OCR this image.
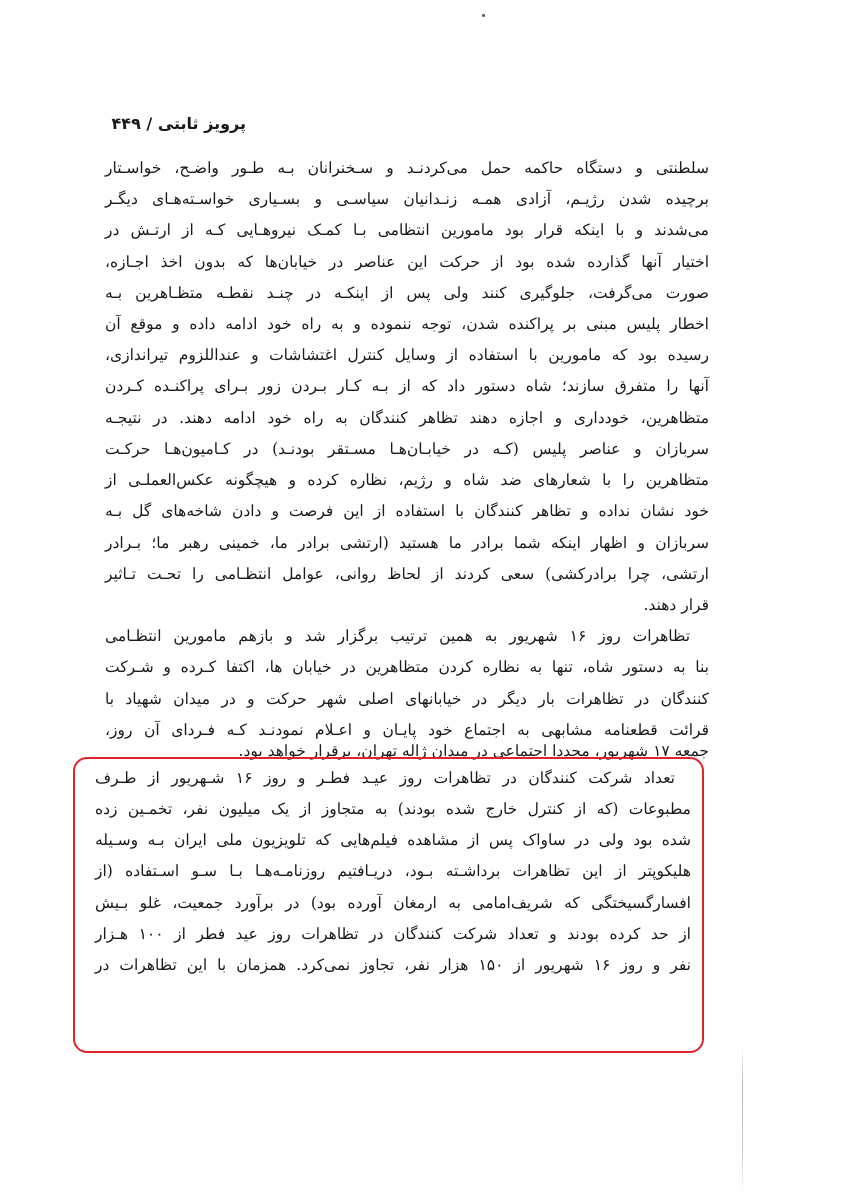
پرویز ثابتی / ۴۴۹
سلطنتی و دستگاه حاکمه حمل می‌کردنـد و سـخنرانان بـه طـور واضـح، خواسـتار
برچیده شدن رژیـم، آزادی همـه زنـدانیان سیاسـی و بسـیاری خواسـته‌هـای دیگـر
می‌شدند و با اینکه قرار بود مامورین انتظامی بـا کمـک نیروهـایی کـه از ارتـش در
اختیار آنها گذارده شده بود از حرکت این عناصر در خیابان‌ها که بدون اخذ اجـازه،
صورت می‌گرفت، جلوگیری کنند ولی پس از اینکـه در چنـد نقطـه متظـاهرین بـه
اخطار پلیس مبنی بر پراکنده شدن، توجه ننموده و به راه خود ادامه داده و موقع آن
رسیده بود که مامورین با استفاده از وسایل کنترل اغتشاشات و عنداللزوم تیراندازی،
آنها را متفرق سازند؛ شاه دستور داد که از بـه کـار بـردن زور بـرای پراکنـده کـردن
متظاهرین، خودداری و اجازه دهند تظاهر کنندگان به راه خود ادامه دهند. در نتیجـه
سربازان و عناصر پلیس (کـه در خیابـان‌هـا مسـتقر بودنـد) در کـامیون‌هـا حرکـت
متظاهرین را با شعارهای ضد شاه و رژیم، نظاره کرده و هیچگونه عکس‌العملـی از
خود نشان نداده و تظاهر کنندگان با استفاده از این فرصت و دادن شاخه‌های گل بـه
سربازان و اظهار اینکه شما برادر ما هستید (ارتشی برادر ما، خمینی رهبر ما؛ بـرادر
ارتشی، چرا برادرکشی) سعی کردند از لحاظ روانی، عوامل انتظـامی را تحـت تـاثیر
قرار دهند.
تظاهرات روز ۱۶ شهریور به همین ترتیب برگزار شد و بازهم مامورین انتظـامی
بنا به دستور شاه، تنها به نظاره کردن متظاهرین در خیابان ها، اکتفا کـرده و شـرکت
کنندگان در تظاهرات بار دیگر در خیابانهای اصلی شهر حرکت و در میدان شهیاد با
قرائت قطعنامه مشابهی به اجتماع خود پایـان و اعـلام نمودنـد کـه فـردای آن روز،
جمعه ۱۷ شهریور، مجددا اجتماعی در میدان ژاله تهران، برقرار خواهد بود.
تعداد شرکت کنندگان در تظاهرات روز عیـد فطـر و روز ۱۶ شـهریور از طـرف
مطبوعات (که از کنترل خارج شده بودند) به متجاوز از یک میلیون نفر، تخمـین زده
شده بود ولی در ساواک پس از مشاهده فیلم‌هایی که تلویزیون ملی ایران بـه وسـیله
هلیکوپتر از این تظاهرات برداشـته بـود، دریـافتیم روزنامـه‌هـا بـا سـو اسـتفاده (از
افسارگسیختگی که شریف‌امامی به ارمغان آورده بود) در برآورد جمعیت، غلو بـیش
از حد کرده بودند و تعداد شرکت کنندگان در تظاهرات روز عید فطر از ۱۰۰ هـزار
نفر و روز ۱۶ شهریور از ۱۵۰ هزار نفر، تجاوز نمی‌کرد. همزمان با این تظاهرات در
